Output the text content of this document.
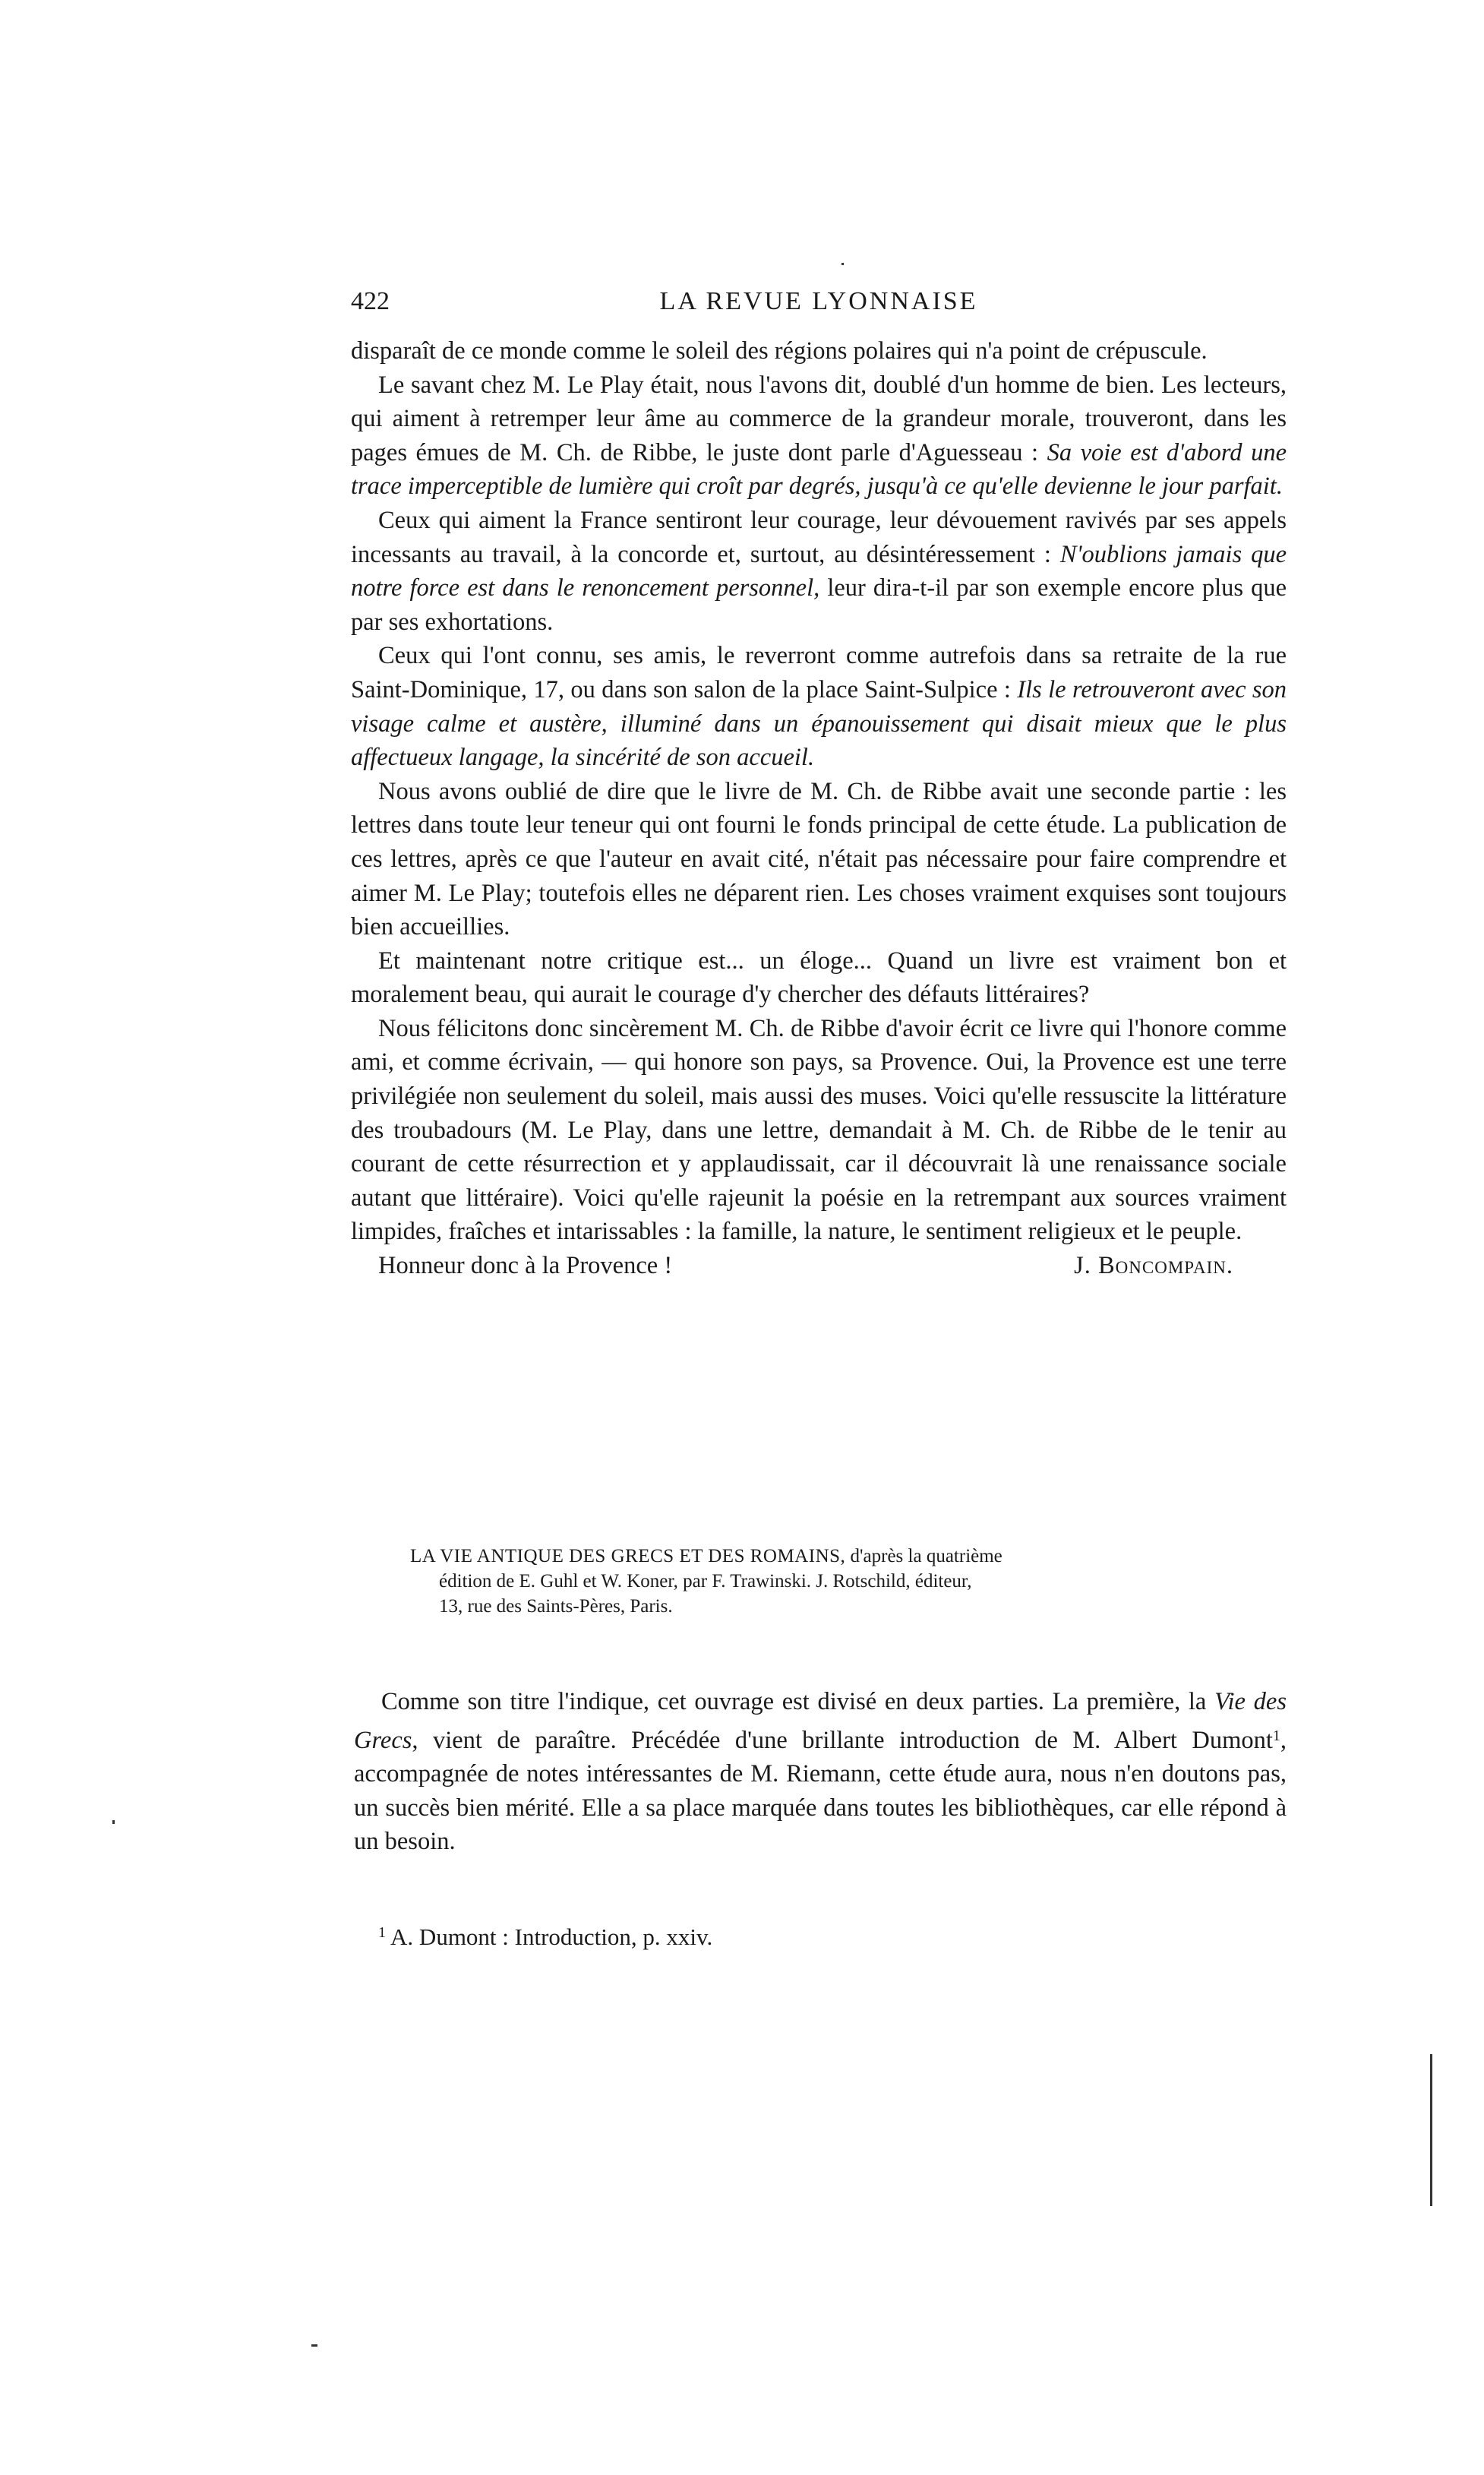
422	LA REVUE LYONNAISE

disparaît de ce monde comme le soleil des régions polaires qui n'a point de crépuscule.

Le savant chez M. Le Play était, nous l'avons dit, doublé d'un homme de bien. Les lecteurs, qui aiment à retremper leur âme au commerce de la grandeur morale, trouveront, dans les pages émues de M. Ch. de Ribbe, le juste dont parle d'Aguesseau : Sa voie est d'abord une trace imperceptible de lumière qui croît par degrés, jusqu'à ce qu'elle devienne le jour parfait.

Ceux qui aiment la France sentiront leur courage, leur dévouement ravivés par ses appels incessants au travail, à la concorde et, surtout, au désintéressement : N'oublions jamais que notre force est dans le renoncement personnel, leur dira-t-il par son exemple encore plus que par ses exhortations.

Ceux qui l'ont connu, ses amis, le reverront comme autrefois dans sa retraite de la rue Saint-Dominique, 17, ou dans son salon de la place Saint-Sulpice : Ils le retrouveront avec son visage calme et austère, illuminé dans un épanouissement qui disait mieux que le plus affectueux langage, la sincérité de son accueil.

Nous avons oublié de dire que le livre de M. Ch. de Ribbe avait une seconde partie : les lettres dans toute leur teneur qui ont fourni le fonds principal de cette étude. La publication de ces lettres, après ce que l'auteur en avait cité, n'était pas nécessaire pour faire comprendre et aimer M. Le Play; toutefois elles ne déparent rien. Les choses vraiment exquises sont toujours bien accueillies.

Et maintenant notre critique est... un éloge... Quand un livre est vraiment bon et moralement beau, qui aurait le courage d'y chercher des défauts littéraires?

Nous félicitons donc sincèrement M. Ch. de Ribbe d'avoir écrit ce livre qui l'honore comme ami, et comme écrivain, — qui honore son pays, sa Provence. Oui, la Provence est une terre privilégiée non seulement du soleil, mais aussi des muses. Voici qu'elle ressuscite la littérature des troubadours (M. Le Play, dans une lettre, demandait à M. Ch. de Ribbe de le tenir au courant de cette résurrection et y applaudissait, car il découvrait là une renaissance sociale autant que littéraire). Voici qu'elle rajeunit la poésie en la retrempant aux sources vraiment limpides, fraîches et intarissables : la famille, la nature, le sentiment religieux et le peuple.

Honneur donc à la Provence !	J. Boncompain.
LA VIE ANTIQUE DES GRECS ET DES ROMAINS, d'après la quatrième
édition de E. Guhl et W. Koner, par F. Trawinski. J. Rotschild, éditeur,
13, rue des Saints-Pères, Paris.

Comme son titre l'indique, cet ouvrage est divisé en deux parties. La première, la Vie des Grecs, vient de paraître. Précédée d'une brillante introduction de M. Albert Dumont$^1$, accompagnée de notes intéressantes de M. Riemann, cette étude aura, nous n'en doutons pas, un succès bien mérité. Elle a sa place marquée dans toutes les bibliothèques, car elle répond à un besoin.

$^1$ A. Dumont : Introduction, p. xxiv.
